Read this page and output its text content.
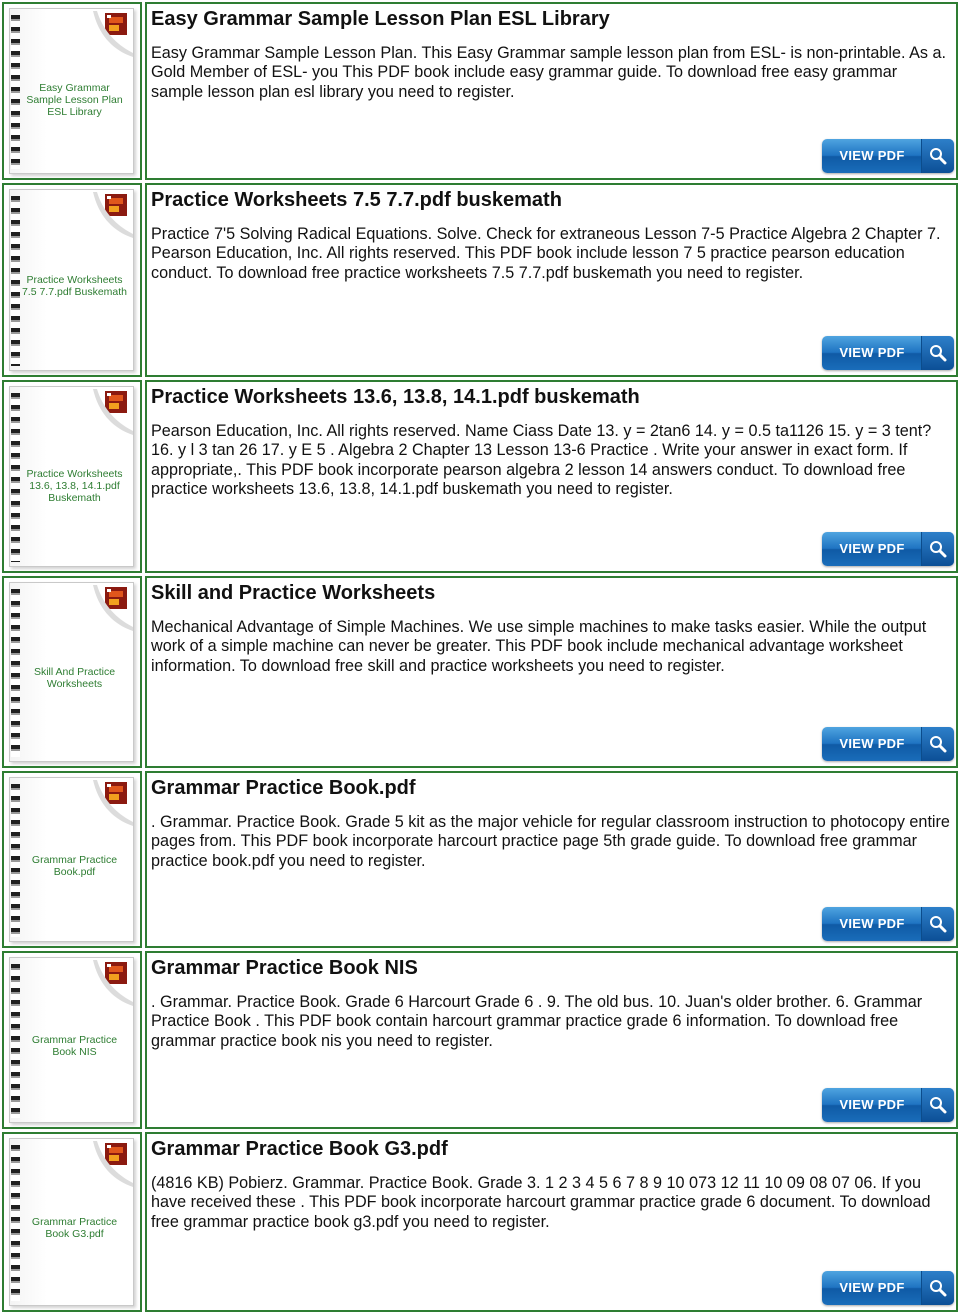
Easy Grammar Sample Lesson Plan ESL Library
Easy Grammar Sample Lesson Plan ESL Library
Easy Grammar Sample Lesson Plan. This Easy Grammar sample lesson plan from ESL- is non-printable. As a. Gold Member of ESL- you This PDF book include easy grammar guide. To download free easy grammar sample lesson plan esl library you need to register.
VIEW PDF
Practice Worksheets 7.5 7.7.pdf Buskemath
Practice Worksheets 7.5 7.7.pdf buskemath
Practice 7'5 Solving Radical Equations. Solve. Check for extraneous Lesson 7-5 Practice Algebra 2 Chapter 7. Pearson Education, Inc. All rights reserved. This PDF book include lesson 7 5 practice pearson education conduct. To download free practice worksheets 7.5 7.7.pdf buskemath you need to register.
VIEW PDF
Practice Worksheets 13.6, 13.8, 14.1.pdf Buskemath
Practice Worksheets 13.6, 13.8, 14.1.pdf buskemath
Pearson Education, Inc. All rights reserved. Name Ciass Date 13. y = 2tan6 14. y = 0.5 ta1126 15. y = 3 tent? 16. y l 3 tan 26 17. y E 5 . Algebra 2 Chapter 13 Lesson 13-6 Practice . Write your answer in exact form. If appropriate,. This PDF book incorporate pearson algebra 2 lesson 14 answers conduct. To download free practice worksheets 13.6, 13.8, 14.1.pdf buskemath you need to register.
VIEW PDF
Skill And Practice Worksheets
Skill and Practice Worksheets
Mechanical Advantage of Simple Machines. We use simple machines to make tasks easier. While the output work of a simple machine can never be greater. This PDF book include mechanical advantage worksheet information. To download free skill and practice worksheets you need to register.
VIEW PDF
Grammar Practice Book.pdf
Grammar Practice Book.pdf
. Grammar. Practice Book. Grade 5 kit as the major vehicle for regular classroom instruction to photocopy entire pages from. This PDF book incorporate harcourt practice page 5th grade guide. To download free grammar practice book.pdf you need to register.
VIEW PDF
Grammar Practice Book NIS
Grammar Practice Book NIS
. Grammar. Practice Book. Grade 6 Harcourt Grade 6 . 9. The old bus. 10. Juan's older brother. 6. Grammar Practice Book . This PDF book contain harcourt grammar practice grade 6 information. To download free grammar practice book nis you need to register.
VIEW PDF
Grammar Practice Book G3.pdf
Grammar Practice Book G3.pdf
(4816 KB) Pobierz. Grammar. Practice Book. Grade 3. 1 2 3 4 5 6 7 8 9 10 073 12 11 10 09 08 07 06. If you have received these . This PDF book incorporate harcourt grammar practice grade 6 document. To download free grammar practice book g3.pdf you need to register.
VIEW PDF
